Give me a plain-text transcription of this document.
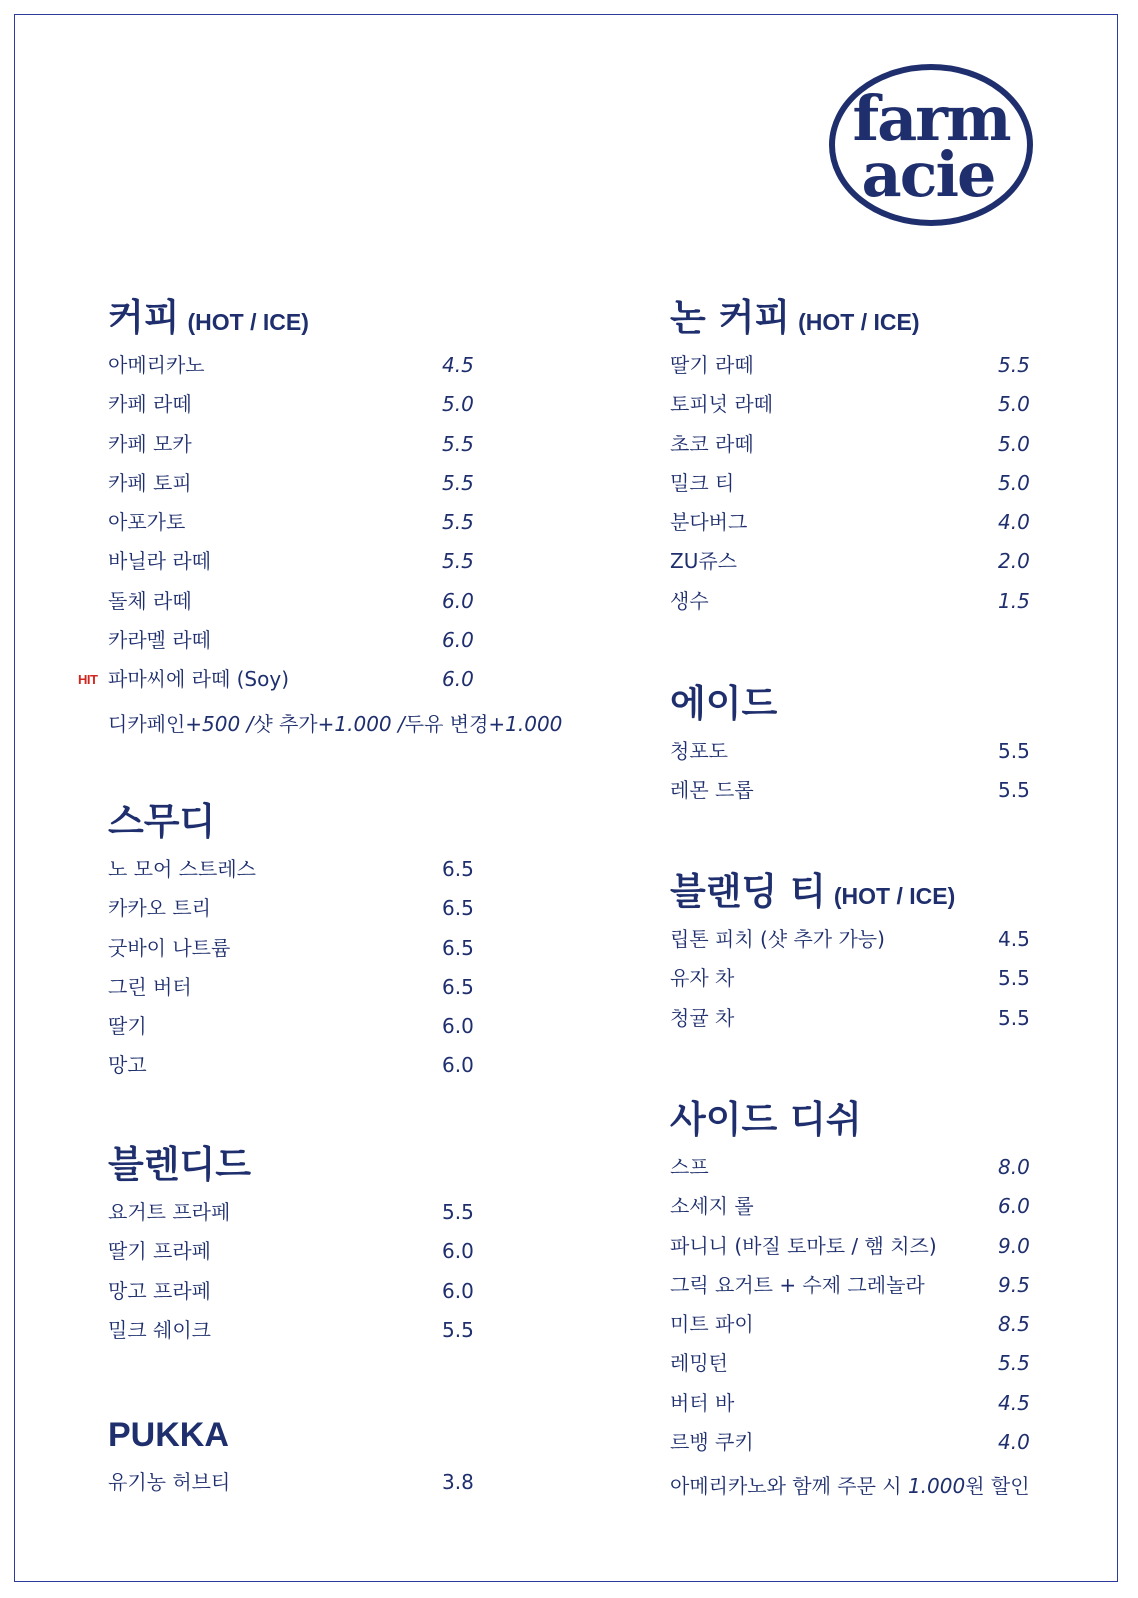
farm
acie
커피 (HOT / ICE)
아메리카노	4.5
카페 라떼	5.0
카페 모카	5.5
카페 토피	5.5
아포가토	5.5
바닐라 라떼	5.5
돌체 라떼	6.0
카라멜 라떼	6.0
HIT 파마씨에 라떼 (Soy)	6.0
디카페인+500 /샷 추가+1.000 /두유 변경+1.000
스무디
노 모어 스트레스	6.5
카카오 트리	6.5
굿바이 나트륨	6.5
그린 버터	6.5
딸기	6.0
망고	6.0
블렌디드
요거트 프라페	5.5
딸기 프라페	6.0
망고 프라페	6.0
밀크 쉐이크	5.5
PUKKA
유기농 허브티	3.8
논 커피 (HOT / ICE)
딸기 라떼	5.5
토피넛 라떼	5.0
초코 라떼	5.0
밀크 티	5.0
분다버그	4.0
ZU쥬스	2.0
생수	1.5
에이드
청포도	5.5
레몬 드롭	5.5
블랜딩 티 (HOT / ICE)
립톤 피치 (샷 추가 가능)	4.5
유자 차	5.5
청귤 차	5.5
사이드 디쉬
스프	8.0
소세지 롤	6.0
파니니 (바질 토마토 / 햄 치즈)	9.0
그릭 요거트 + 수제 그레놀라	9.5
미트 파이	8.5
레밍턴	5.5
버터 바	4.5
르뱅 쿠키	4.0
아메리카노와 함께 주문 시 1.000원 할인
